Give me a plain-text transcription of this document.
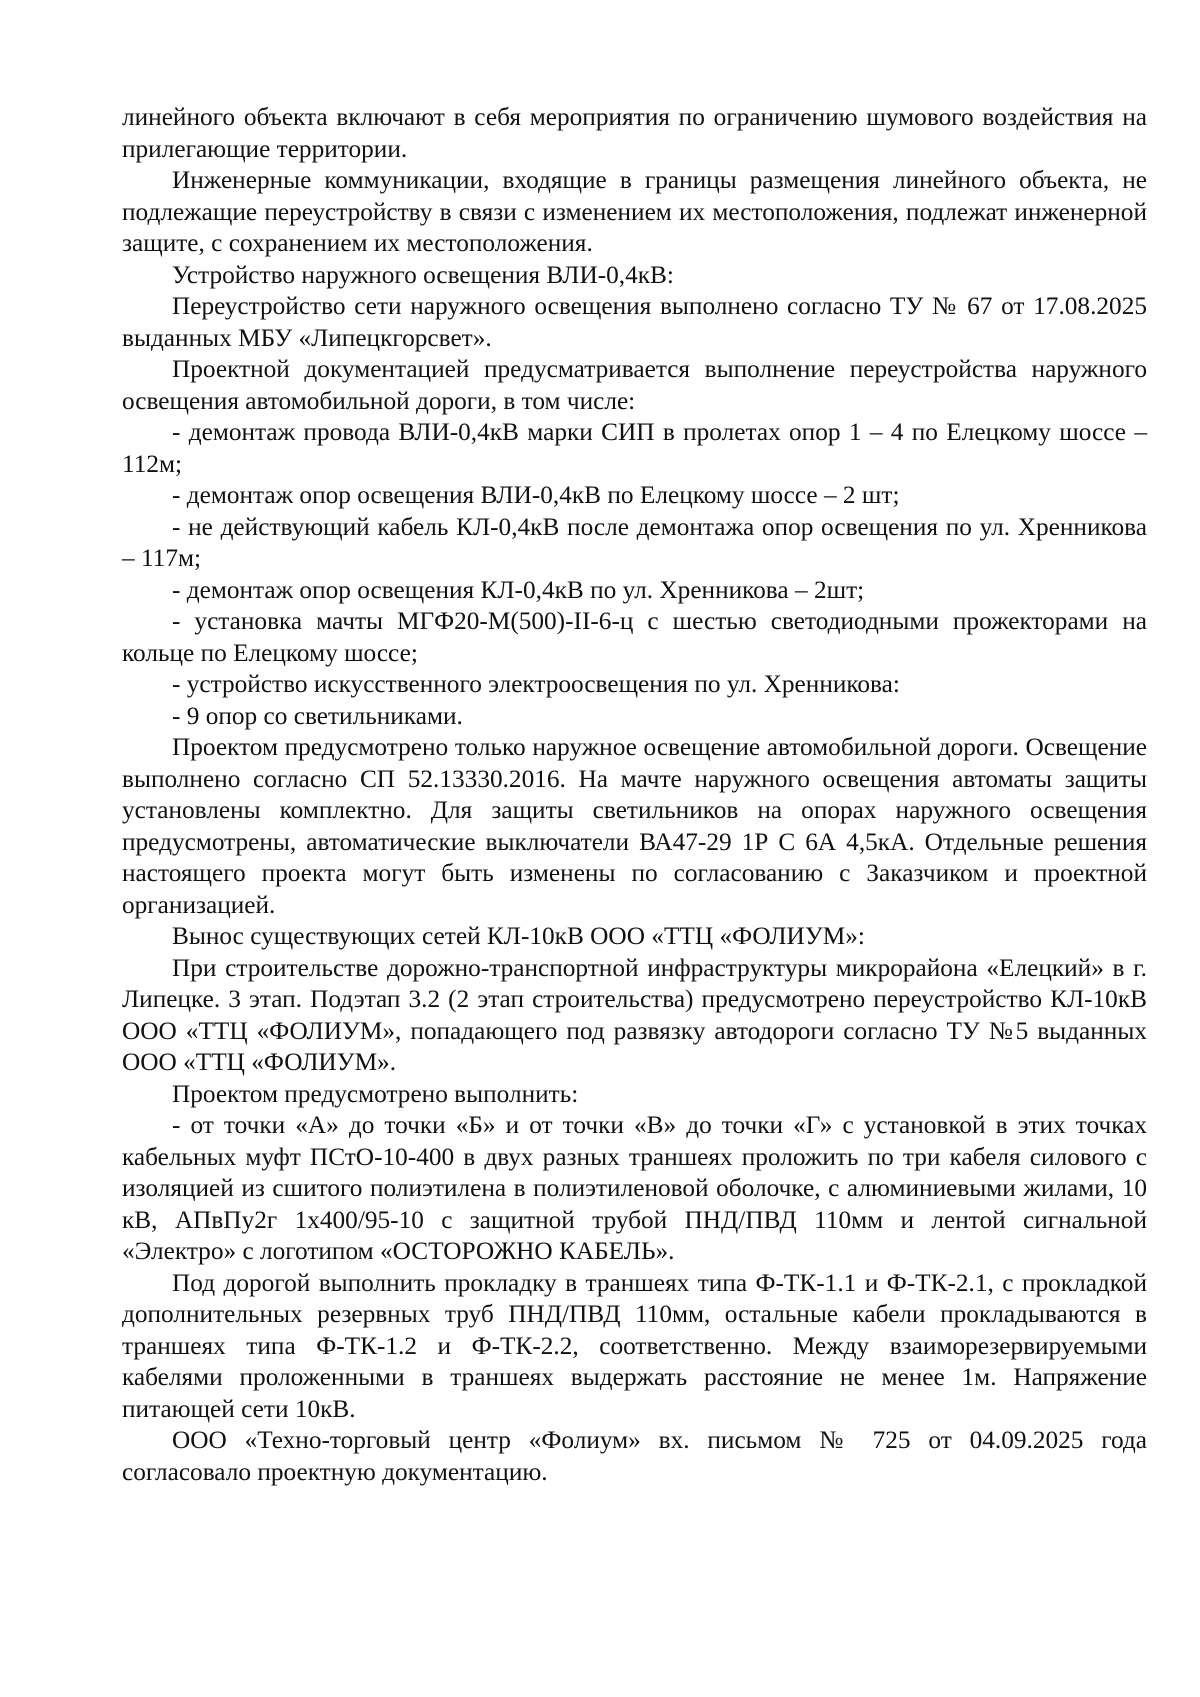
линейного объекта включают в себя мероприятия по ограничению шумового воздействия на прилегающие территории.

Инженерные коммуникации, входящие в границы размещения линейного объекта, не подлежащие переустройству в связи с изменением их местоположения, подлежат инженерной защите, с сохранением их местоположения.

Устройство наружного освещения ВЛИ-0,4кВ:

Переустройство сети наружного освещения выполнено согласно ТУ № 67 от 17.08.2025 выданных МБУ «Липецкгорсвет».

Проектной документацией предусматривается выполнение переустройства наружного освещения автомобильной дороги, в том числе:

- демонтаж провода ВЛИ-0,4кВ марки СИП в пролетах опор 1 – 4 по Елецкому шоссе – 112м;

- демонтаж опор освещения ВЛИ-0,4кВ по Елецкому шоссе – 2 шт;

- не действующий кабель КЛ-0,4кВ после демонтажа опор освещения по ул. Хренникова – 117м;

- демонтаж опор освещения КЛ-0,4кВ по ул. Хренникова – 2шт;

- установка мачты МГФ20-М(500)-II-6-ц с шестью светодиодными прожекторами на кольце по Елецкому шоссе;

- устройство искусственного электроосвещения по ул. Хренникова:

- 9 опор со светильниками.

Проектом предусмотрено только наружное освещение автомобильной дороги. Освещение выполнено согласно СП 52.13330.2016. На мачте наружного освещения автоматы защиты установлены комплектно. Для защиты светильников на опорах наружного освещения предусмотрены, автоматические выключатели ВА47-29 1Р С 6А 4,5кА. Отдельные решения настоящего проекта могут быть изменены по согласованию с Заказчиком и проектной организацией.

Вынос существующих сетей КЛ-10кВ ООО «ТТЦ «ФОЛИУМ»:

При строительстве дорожно-транспортной инфраструктуры микрорайона «Елецкий» в г. Липецке. 3 этап. Подэтап 3.2 (2 этап строительства) предусмотрено переустройство КЛ-10кВ ООО «ТТЦ «ФОЛИУМ», попадающего под развязку автодороги согласно ТУ №5 выданных ООО «ТТЦ «ФОЛИУМ».

Проектом предусмотрено выполнить:

- от точки «А» до точки «Б» и от точки «В» до точки «Г» с установкой в этих точках кабельных муфт ПСтО-10-400 в двух разных траншеях проложить по три кабеля силового с изоляцией из сшитого полиэтилена в полиэтиленовой оболочке, с алюминиевыми жилами, 10 кВ, АПвПу2г 1х400/95-10 с защитной трубой ПНД/ПВД 110мм и лентой сигнальной «Электро» с логотипом «ОСТОРОЖНО КАБЕЛЬ».

Под дорогой выполнить прокладку в траншеях типа Ф-ТК-1.1 и Ф-ТК-2.1, с прокладкой дополнительных резервных труб ПНД/ПВД 110мм, остальные кабели прокладываются в траншеях типа Ф-ТК-1.2 и Ф-ТК-2.2, соответственно. Между взаиморезервируемыми кабелями проложенными в траншеях выдержать расстояние не менее 1м. Напряжение питающей сети 10кВ.

ООО «Техно-торговый центр «Фолиум» вх. письмом № 725 от 04.09.2025 года согласовало проектную документацию.
